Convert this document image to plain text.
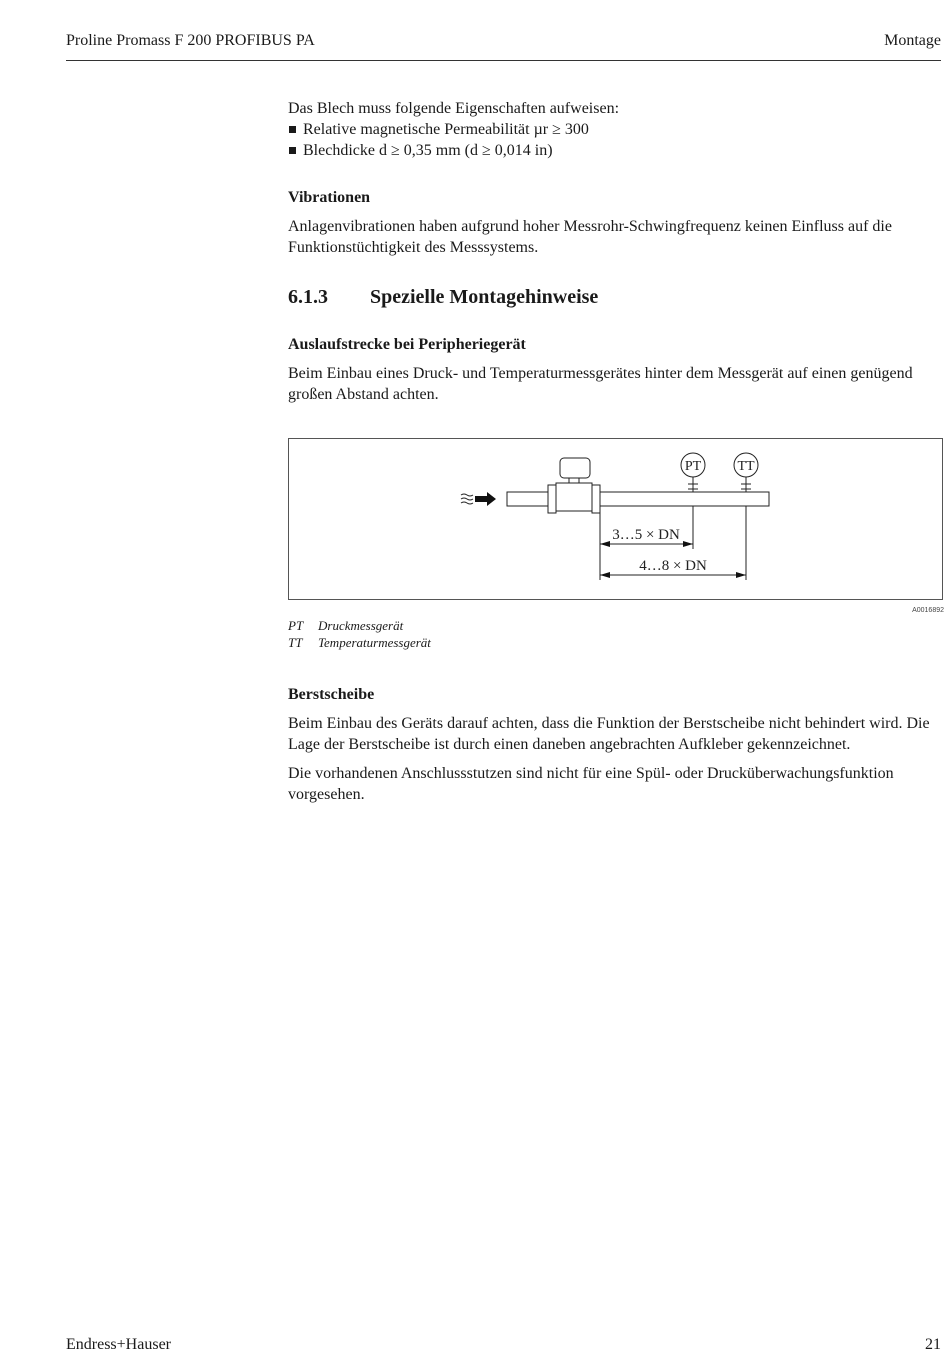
Proline Promass F 200 PROFIBUS PA	Montage

Das Blech muss folgende Eigenschaften aufweisen:

Relative magnetische Permeabilität µr ≥ 300
Blechdicke d ≥ 0,35 mm (d ≥ 0,014 in)
Vibrationen

Anlagenvibrationen haben aufgrund hoher Messrohr-Schwingfrequenz keinen Einfluss auf die Funktionstüchtigkeit des Messsystems.

6.1.3 Spezielle Montagehinweise
Auslaufstrecke bei Peripheriegerät

Beim Einbau eines Druck- und Temperaturmessgerätes hinter dem Messgerät auf einen genügend großen Abstand achten.

PT	TT
3…5 × DN
4…8 × DN
A0016892
PT Druckmessgerät
TT Temperaturmessgerät
Berstscheibe

Beim Einbau des Geräts darauf achten, dass die Funktion der Berstscheibe nicht behindert wird. Die Lage der Berstscheibe ist durch einen daneben angebrachten Aufkleber gekennzeichnet.

Die vorhandenen Anschlussstutzen sind nicht für eine Spül- oder Drucküberwachungsfunktion vorgesehen.

Endress+Hauser	21
